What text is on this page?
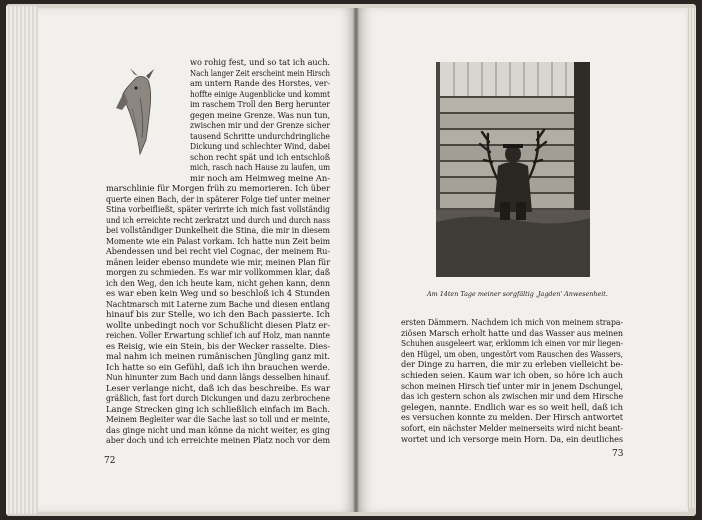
wo rohig fest, und so tat ich auch.
Nach langer Zeit erscheint mein Hirsch
am untern Rande des Horstes, ver-
hoffte einige Augenblicke und kommt
im raschem Troll den Berg herunter
gegen meine Grenze. Was nun tun,
zwischen mir und der Grenze sicher
tausend Schritte undurchdringliche
Dickung und schlechter Wind, dabei
schon recht spät und ich entschloß
mich, rasch nach Hause zu laufen, um
mir noch am Heimweg meine An-
marschlinie für Morgen früh zu memorieren. Ich über
querte einen Bach, der in späterer Folge tief unter meiner
Stina vorbeifließt, später verirrte ich mich fast vollständig
und ich erreichte recht zerkratzt und durch und durch nass
bei vollständiger Dunkelheit die Stina, die mir in diesem
Momente wie ein Palast vorkam. Ich hatte nun Zeit beim
Abendessen und bei recht viel Cognac, der meinem Ru-
mänen leider ebenso mundete wie mir, meinen Plan für
morgen zu schmieden. Es war mir vollkommen klar, daß
ich den Weg, den ich heute kam, nicht gehen kann, denn
es war eben kein Weg und so beschloß ich 4 Stunden
Nachtmarsch mit Laterne zum Bache und diesen entlang
hinauf bis zur Stelle, wo ich den Bach passierte. Ich
wollte unbedingt noch vor Schußlicht diesen Platz er-
reichen. Voller Erwartung schlief ich auf Holz, man nannte
es Reisig, wie ein Stein, bis der Wecker rasselte. Dies-
mal nahm ich meinen rumänischen Jüngling ganz mit.
Ich hatte so ein Gefühl, daß ich ihn brauchen werde.
Nun hinunter zum Bach und dann längs desselben hinauf.
Leser verlange nicht, daß ich das beschreibe. Es war
gräßlich, fast fort durch Dickungen und dazu zerbrochene
Lange Strecken ging ich schließlich einfach im Bach.
Meinem Begleiter war die Sache last so toll und er meinte,
das ginge nicht und man könne da nicht weiter, es ging
aber doch und ich erreichte meinen Platz noch vor dem
72
Am 14ten Tage meiner sorgfältig ‚Jagden' Anwesenheit.
ersten Dämmern. Nachdem ich mich von meinem strapa-
ziösen Marsch erholt hatte und das Wasser aus meinen
Schuhen ausgeleert war, erklomm ich einen vor mir liegen-
den Hügel, um oben, ungestört vom Rauschen des Wassers,
der Dinge zu harren, die mir zu erleben vielleicht be-
schieden seien. Kaum war ich oben, so höre ich auch
schon meinen Hirsch tief unter mir in jenem Dschungel,
das ich gestern schon als zwischen mir und dem Hirsche
gelegen, nannte. Endlich war es so weit hell, daß ich
es versuchen konnte zu melden. Der Hirsch antwortet
sofort, ein nächster Melder meinerseits wird nicht beant-
wortet und ich versorge mein Horn. Da, ein deutliches
73
